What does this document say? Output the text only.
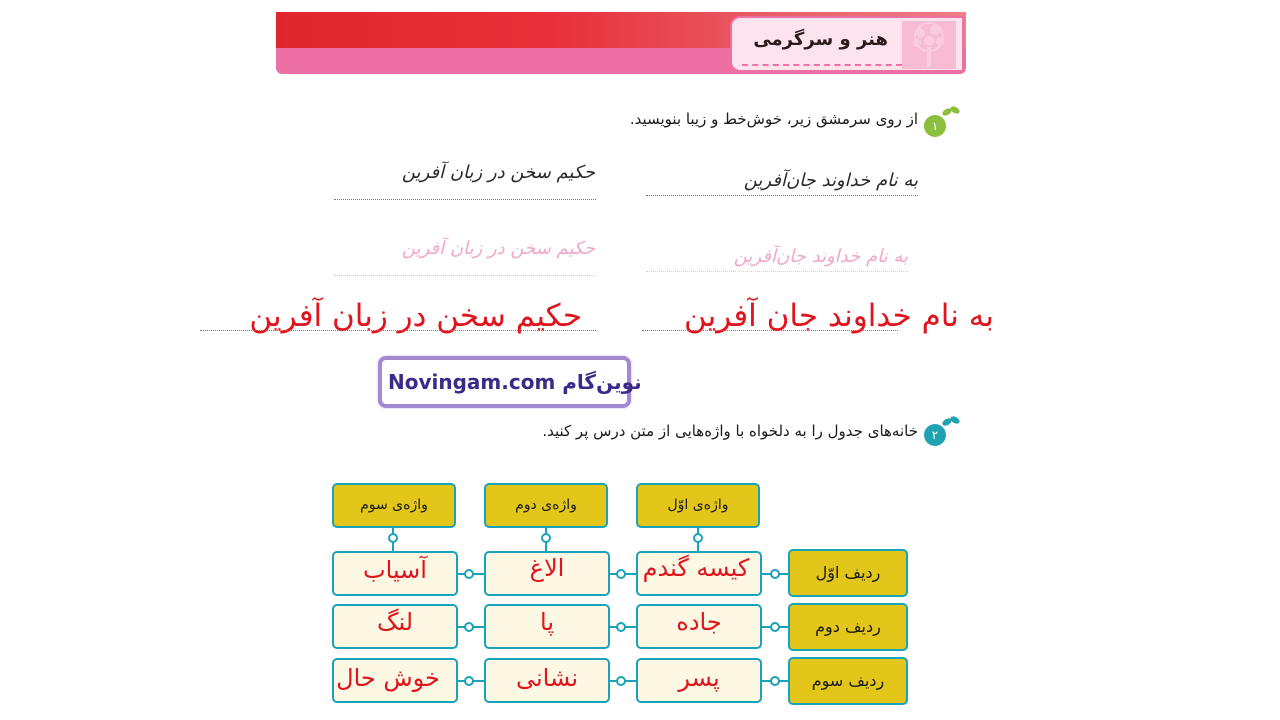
هنر و سرگرمی
۱
از روی سرمشق زیر، خوش‌خط و زیبا بنویسید.
به نام خداوند جان‌آفرین
حکیم سخن در زبان آفرین
به نام خداوند جان‌آفرین
حکیم سخن در زبان آفرین
به نام خداوند جان آفرین
حکیم سخن در زبان آفرین
Novingam.com نوین‌گام
۲
خانه‌های جدول را به دلخواه با واژه‌هایی از متن درس پر کنید.
واژه‌ی اوّل
واژه‌ی دوم
واژه‌ی سوم
ردیف اوّل
ردیف دوم
ردیف سوم
کیسه گندم
الاغ
آسیاب
جاده
پا
لنگ
پسر
نشانی
خوش حال
